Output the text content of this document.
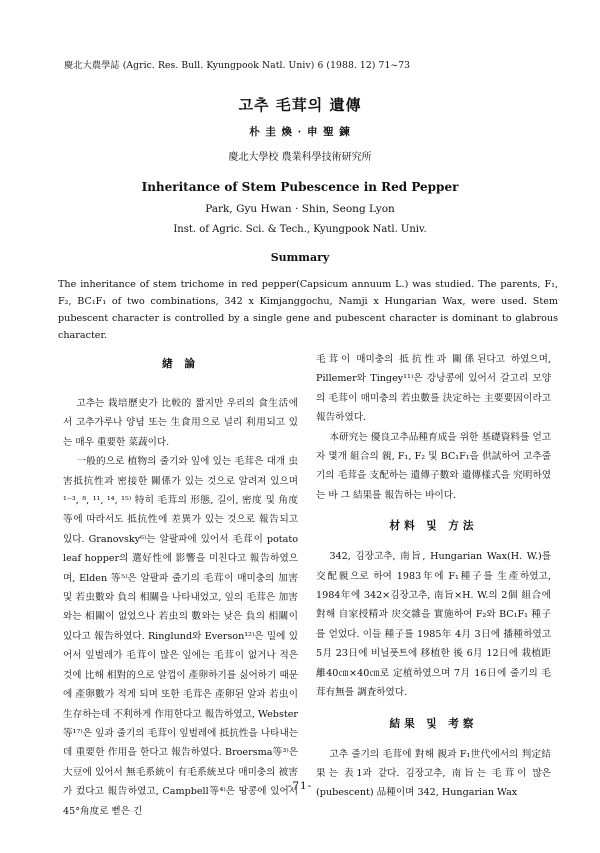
慶北大農學誌 (Agric. Res. Bull. Kyungpook Natl. Univ) 6 (1988. 12) 71~73
고추 毛茸의 遺傳
朴 圭 煥 · 申 聖 鍊
慶北大學校 農業科學技術研究所
Inheritance of Stem Pubescence in Red Pepper
Park, Gyu Hwan · Shin, Seong Lyon
Inst. of Agric. Sci. & Tech., Kyungpook Natl. Univ.
Summary

The inheritance of stem trichome in red pepper(Capsicum annuum L.) was studied. The parents, F₁, F₂, BC₁F₁ of two combinations, 342 x Kimjanggochu, Namji x Hungarian Wax, were used. Stem pubescent character is controlled by a single gene and pubescent character is dominant to glabrous character.

緖 論

고추는 栽培歷史가 比較的 짧지만 우리의 食生活에서 고추가루나 양념 또는 生食用으로 널리 利用되고 있는 매우 重要한 菜蔬이다.

一般的으로 植物의 줄기와 잎에 있는 毛茸은 대개 虫害抵抗性과 密接한 關係가 있는 것으로 알려져 있으며¹⁻³, ⁸, ¹¹, ¹⁴, ¹⁵⁾ 特히 毛茸의 形態, 길이, 密度 및 角度 等에 따라서도 抵抗性에 差異가 있는 것으로 報告되고 있다. Granovsky⁶⁾는 알팔파에 있어서 毛茸이 potato leaf hopper의 選好性에 影響을 미친다고 報告하였으며, Elden 等⁵⁾은 알팔파 줄기의 毛茸이 매미충의 加害 및 若虫數와 負의 相關을 나타내었고, 잎의 毛茸은 加害와는 相關이 없었으나 若虫의 數와는 낮은 負의 相關이 있다고 報告하였다. Ringlund와 Everson¹²⁾은 밀에 있어서 잎벌레가 毛茸이 많은 잎에는 毛茸이 없거나 적은 것에 比해 相對的으로 알껍이 產卵하기를 싫어하기 때문에 產卵數가 적게 되며 또한 毛茸은 產卵된 알과 若虫이 生存하는데 不利하게 作用한다고 報告하였고, Webster 等¹⁷⁾은 잎과 줄기의 毛茸이 잎벌레에 抵抗性을 나타내는데 重要한 作用을 한다고 報告하였다. Broersma等³⁾은 大豆에 있어서 無毛系統이 有毛系統보다 매미충의 被害가 컸다고 報告하였고, Campbell等⁴⁾은 땅콩에 있어서 45°角度로 뻗은 긴

毛茸이 매미충의 抵抗性과 關係된다고 하였으며, Pillemer와 Tingey¹¹⁾은 강낭콩에 있어서 갈고리 모양의 毛茸이 매미충의 若虫數를 決定하는 主要要因이라고 報告하였다.

本研究는 優良고추品種育成을 위한 基礎資料를 얻고자 몇개 組合의 親, F₁, F₂ 및 BC₁F₁을 供試하여 고추줄기의 毛茸을 支配하는 遺傳子數와 遺傳樣式을 究明하였는 바 그 結果를 報告하는 바이다.

材料 및 方法

342, 김장고추, 南旨, Hungarian Wax(H. W.)를 交配親으로 하여 1983年에 F₁種子를 生產하였고, 1984年에 342×김장고추, 南旨×H. W.의 2個 組合에 對해 自家授精과 戻交雜을 實施하여 F₂와 BC₁F₁ 種子를 얻었다. 이들 種子를 1985年 4月 3日에 播種하였고 5月 23日에 비닐폿트에 移植한 後 6月 12日에 栽植距離40㎝×40㎝로 定植하였으며 7月 16日에 줄기의 毛茸有無를 調査하였다.

結果 및 考察

고추 줄기의 毛茸에 對해 親과 F₁世代에서의 判定結果는 表1과 같다. 김장고추, 南旨는 毛茸이 많은(pubescent) 品種이며 342, Hungarian Wax

-71-
